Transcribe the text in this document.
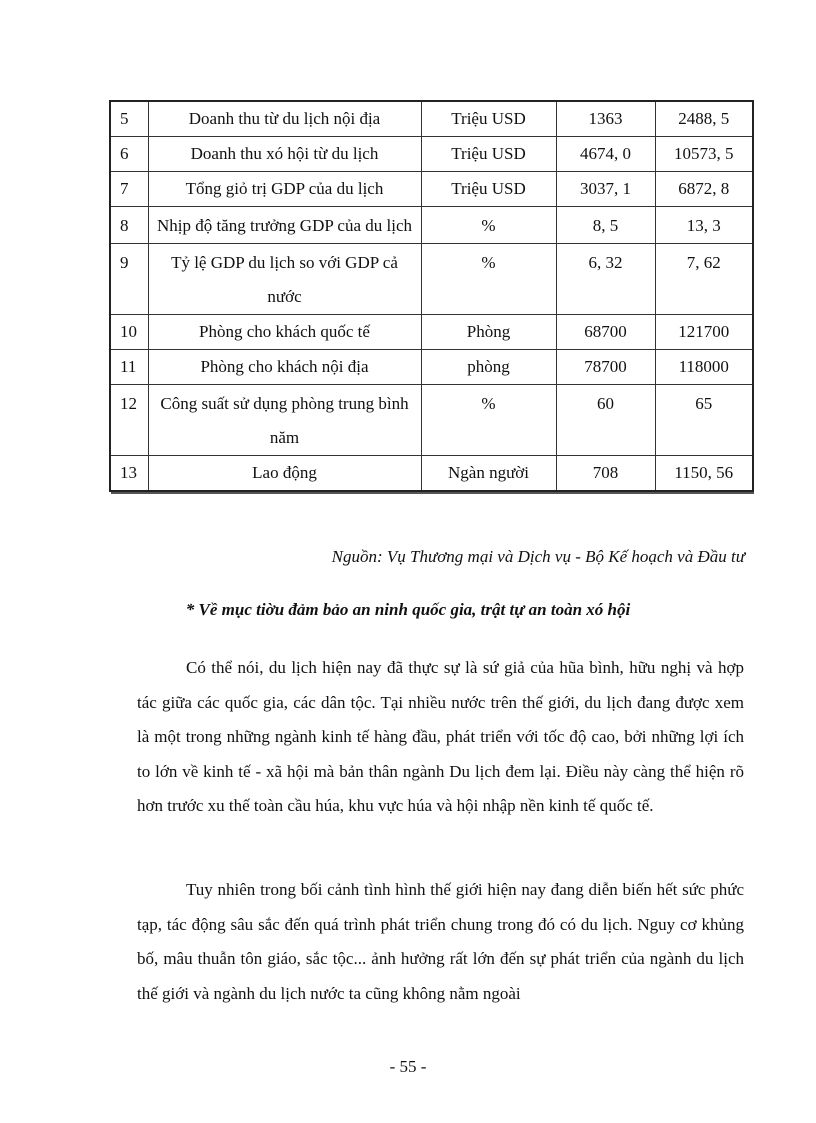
5	Doanh thu từ du lịch nội địa	Triệu USD	1363	2488, 5
6	Doanh thu xó hội từ du lịch	Triệu USD	4674, 0	10573, 5
7	Tổng giỏ trị GDP của du lịch	Triệu USD	3037, 1	6872, 8
8	Nhịp độ tăng trưởng GDP của du lịch	%	8, 5	13, 3
9	Tỷ lệ GDP du lịch so với GDP cả nước	%	6, 32	7, 62
10	Phòng cho khách quốc tế	Phòng	68700	121700
11	Phòng cho khách nội địa	phòng	78700	118000
12	Công suất sử dụng phòng trung bình năm	%	60	65
13	Lao động	Ngàn người	708	1150, 56
Nguồn: Vụ Thương mại và Dịch vụ - Bộ Kế hoạch và Đầu tư
* Về mục tiờu đảm bảo an ninh quốc gia, trật tự an toàn xó hội

Có thể nói, du lịch hiện nay đã thực sự là sứ giả của hũa bình, hữu nghị và hợp tác giữa các quốc gia, các dân tộc. Tại nhiều nước trên thế giới, du lịch đang được xem là một trong những ngành kinh tế hàng đầu, phát triển với tốc độ cao, bởi những lợi ích to lớn về kinh tế - xã hội mà bản thân ngành Du lịch đem lại. Điều này càng thể hiện rõ hơn trước xu thế toàn cầu húa, khu vực húa và hội nhập nền kinh tế quốc tế.

Tuy nhiên trong bối cảnh tình hình thế giới hiện nay đang diễn biến hết sức phức tạp, tác động sâu sắc đến quá trình phát triển chung trong đó có du lịch. Nguy cơ khủng bố, mâu thuẫn tôn giáo, sắc tộc... ảnh hưởng rất lớn đến sự phát triển của ngành du lịch thế giới và ngành du lịch nước ta cũng không nằm ngoài

- 55 -
